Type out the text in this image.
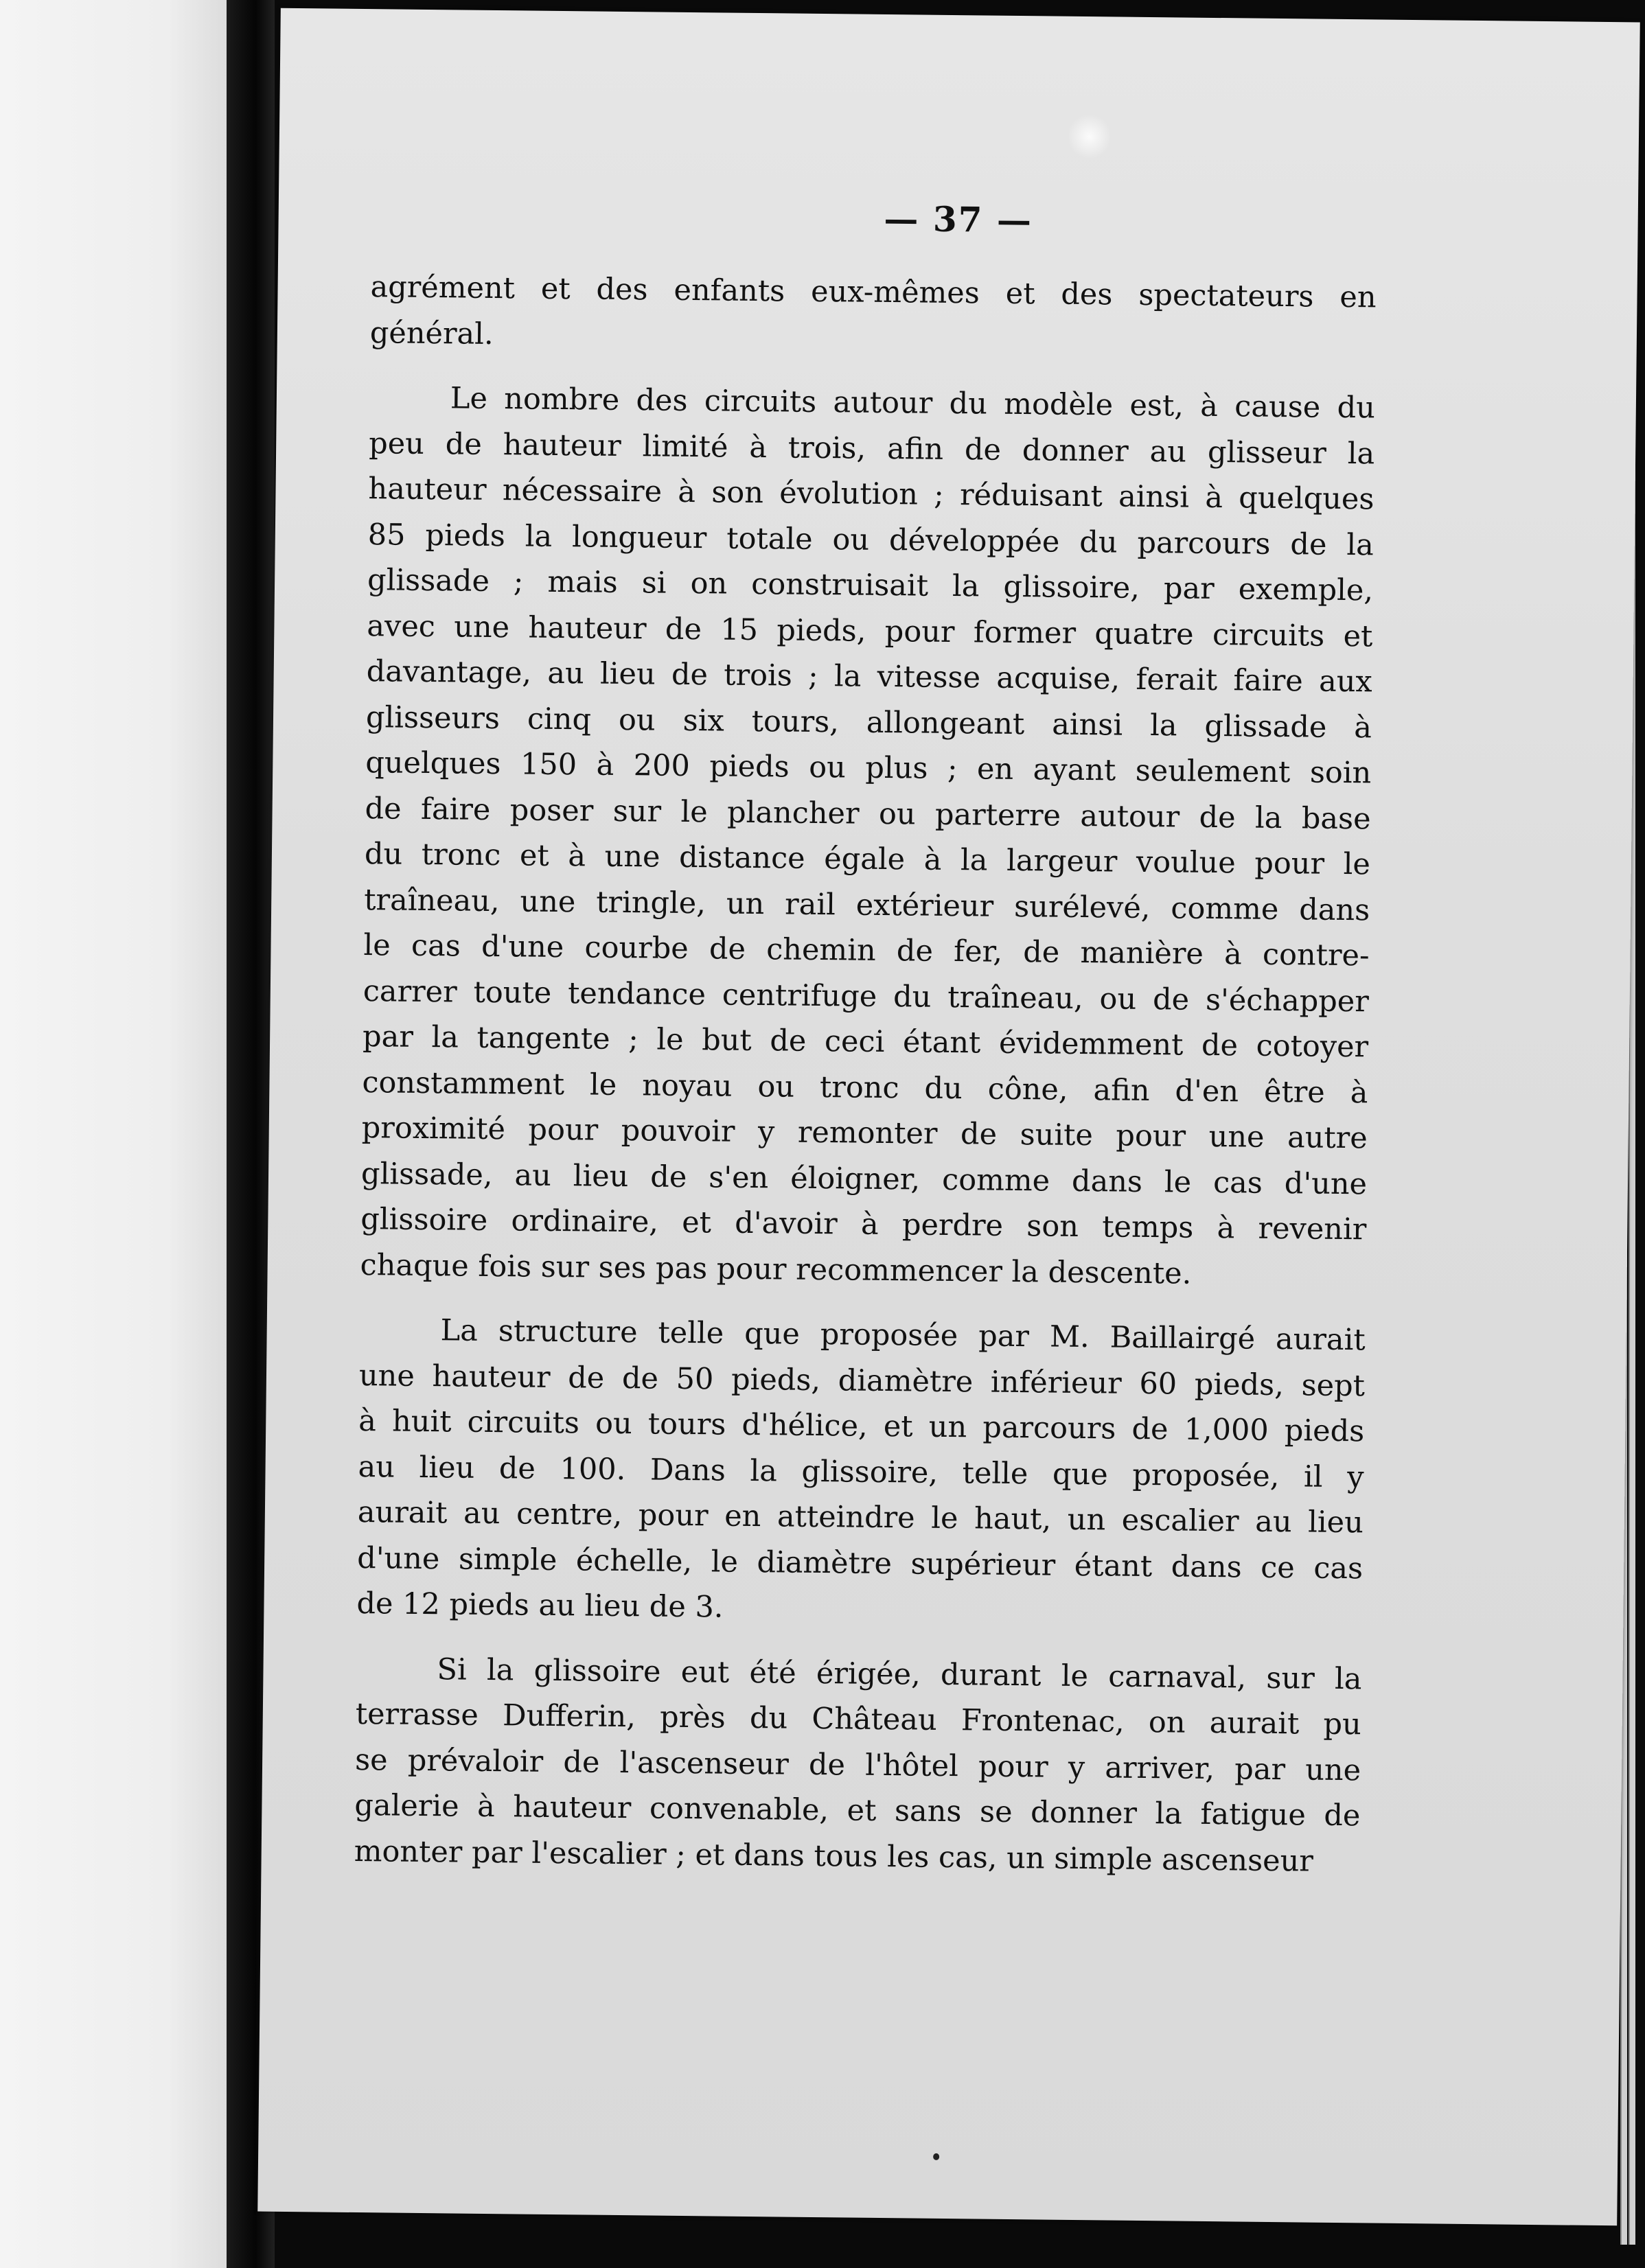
— 37 —
agrément et des enfants eux-mêmes et des spectateurs en
général.
Le nombre des circuits autour du modèle est, à cause du
peu de hauteur limité à trois, afin de donner au glisseur la
hauteur nécessaire à son évolution ; réduisant ainsi à quelques
85 pieds la longueur totale ou développée du parcours de la
glissade ; mais si on construisait la glissoire, par exemple,
avec une hauteur de 15 pieds, pour former quatre circuits et
davantage, au lieu de trois ; la vitesse acquise, ferait faire aux
glisseurs cinq ou six tours, allongeant ainsi la glissade à
quelques 150 à 200 pieds ou plus ; en ayant seulement soin
de faire poser sur le plancher ou parterre autour de la base
du tronc et à une distance égale à la largeur voulue pour le
traîneau, une tringle, un rail extérieur surélevé, comme dans
le cas d'une courbe de chemin de fer, de manière à contre-
carrer toute tendance centrifuge du traîneau, ou de s'échapper
par la tangente ; le but de ceci étant évidemment de cotoyer
constamment le noyau ou tronc du cône, afin d'en être à
proximité pour pouvoir y remonter de suite pour une autre
glissade, au lieu de s'en éloigner, comme dans le cas d'une
glissoire ordinaire, et d'avoir à perdre son temps à revenir
chaque fois sur ses pas pour recommencer la descente.
La structure telle que proposée par M. Baillairgé aurait
une hauteur de de 50 pieds, diamètre inférieur 60 pieds, sept
à huit circuits ou tours d'hélice, et un parcours de 1,000 pieds
au lieu de 100. Dans la glissoire, telle que proposée, il y
aurait au centre, pour en atteindre le haut, un escalier au lieu
d'une simple échelle, le diamètre supérieur étant dans ce cas
de 12 pieds au lieu de 3.
Si la glissoire eut été érigée, durant le carnaval, sur la
terrasse Dufferin, près du Château Frontenac, on aurait pu
se prévaloir de l'ascenseur de l'hôtel pour y arriver, par une
galerie à hauteur convenable, et sans se donner la fatigue de
monter par l'escalier ; et dans tous les cas, un simple ascenseur
